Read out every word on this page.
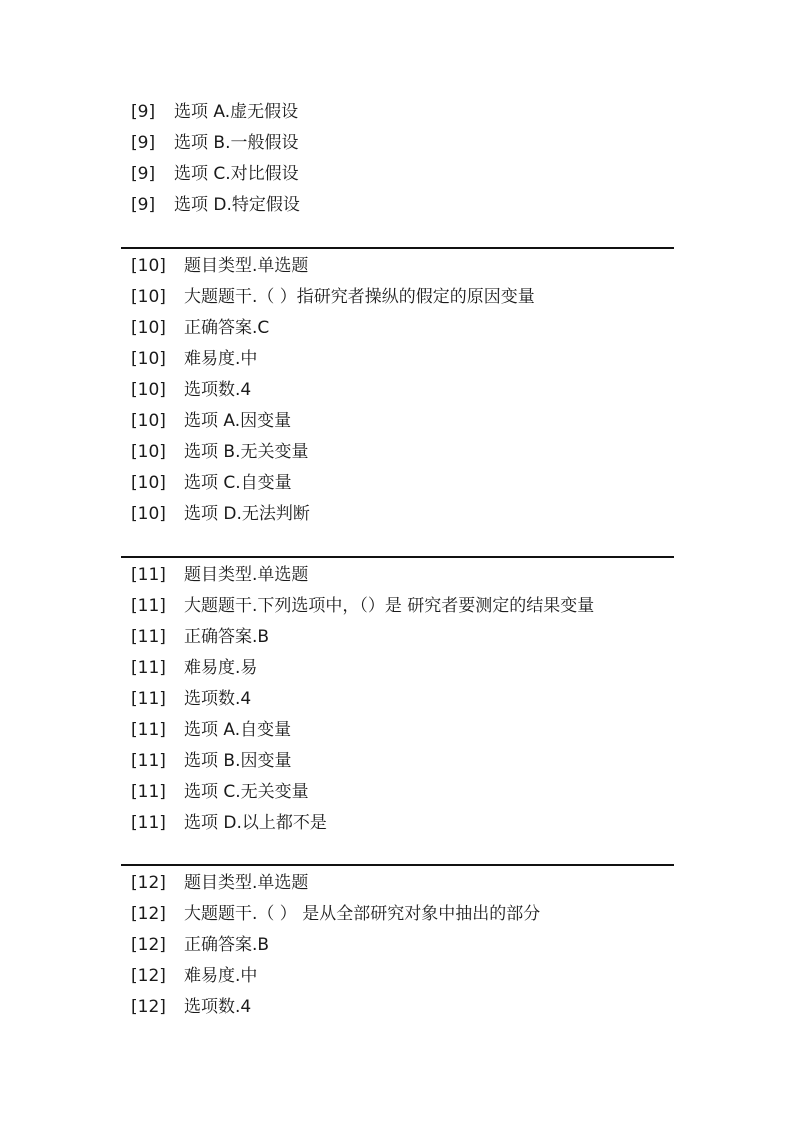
[9]	选项 A.虚无假设
[9]	选项 B.一般假设
[9]	选项 C.对比假设
[9]	选项 D.特定假设
[10]	题目类型.单选题
[10]	大题题干.（ ）指研究者操纵的假定的原因变量
[10]	正确答案.C
[10]	难易度.中
[10]	选项数.4
[10]	选项 A.因变量
[10]	选项 B.无关变量
[10]	选项 C.自变量
[10]	选项 D.无法判断
[11]	题目类型.单选题
[11]	大题题干.下列选项中，（）是 研究者要测定的结果变量
[11]	正确答案.B
[11]	难易度.易
[11]	选项数.4
[11]	选项 A.自变量
[11]	选项 B.因变量
[11]	选项 C.无关变量
[11]	选项 D.以上都不是
[12]	题目类型.单选题
[12]	大题题干.（ ） 是从全部研究对象中抽出的部分
[12]	正确答案.B
[12]	难易度.中
[12]	选项数.4
